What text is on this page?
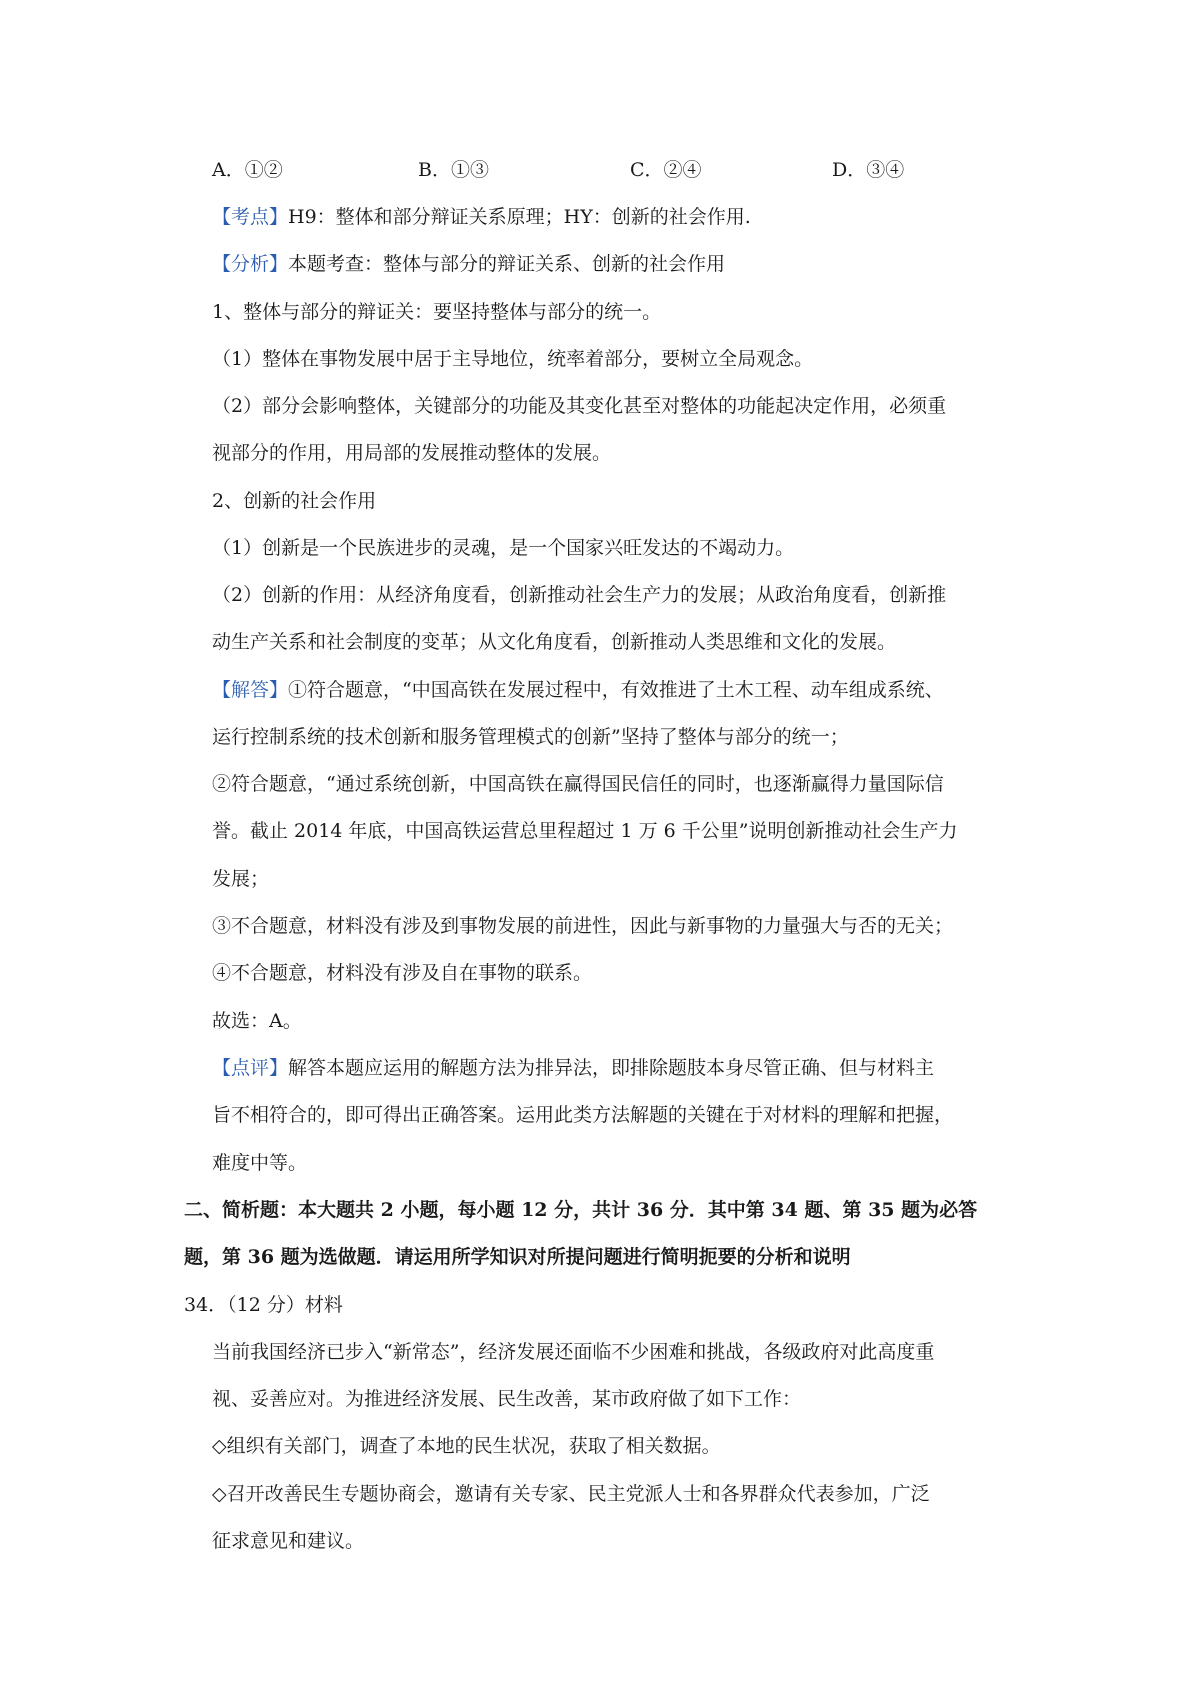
A．①②	B．①③	C．②④	D．③④
【考点】H9：整体和部分辩证关系原理；HY：创新的社会作用.
【分析】本题考查：整体与部分的辩证关系、创新的社会作用
1、整体与部分的辩证关：要坚持整体与部分的统一。
（1）整体在事物发展中居于主导地位，统率着部分，要树立全局观念。
（2）部分会影响整体，关键部分的功能及其变化甚至对整体的功能起决定作用，必须重
视部分的作用，用局部的发展推动整体的发展。
2、创新的社会作用
（1）创新是一个民族进步的灵魂，是一个国家兴旺发达的不竭动力。
（2）创新的作用：从经济角度看，创新推动社会生产力的发展；从政治角度看，创新推
动生产关系和社会制度的变革；从文化角度看，创新推动人类思维和文化的发展。
【解答】①符合题意，“中国高铁在发展过程中，有效推进了土木工程、动车组成系统、
运行控制系统的技术创新和服务管理模式的创新”坚持了整体与部分的统一；
②符合题意，“通过系统创新，中国高铁在赢得国民信任的同时，也逐渐赢得力量国际信
誉。截止 2014 年底，中国高铁运营总里程超过 1 万 6 千公里”说明创新推动社会生产力
发展；
③不合题意，材料没有涉及到事物发展的前进性，因此与新事物的力量强大与否的无关；
④不合题意，材料没有涉及自在事物的联系。
故选：A。
【点评】解答本题应运用的解题方法为排异法，即排除题肢本身尽管正确、但与材料主
旨不相符合的，即可得出正确答案。运用此类方法解题的关键在于对材料的理解和把握，
难度中等。
二、简析题：本大题共 2 小题，每小题 12 分，共计 36 分．其中第 34 题、第 35 题为必答
题，第 36 题为选做题．请运用所学知识对所提问题进行简明扼要的分析和说明
34．（12 分）材料
当前我国经济已步入“新常态”，经济发展还面临不少困难和挑战，各级政府对此高度重
视、妥善应对。为推进经济发展、民生改善，某市政府做了如下工作：
◇组织有关部门，调查了本地的民生状况，获取了相关数据。
◇召开改善民生专题协商会，邀请有关专家、民主党派人士和各界群众代表参加，广泛
征求意见和建议。
